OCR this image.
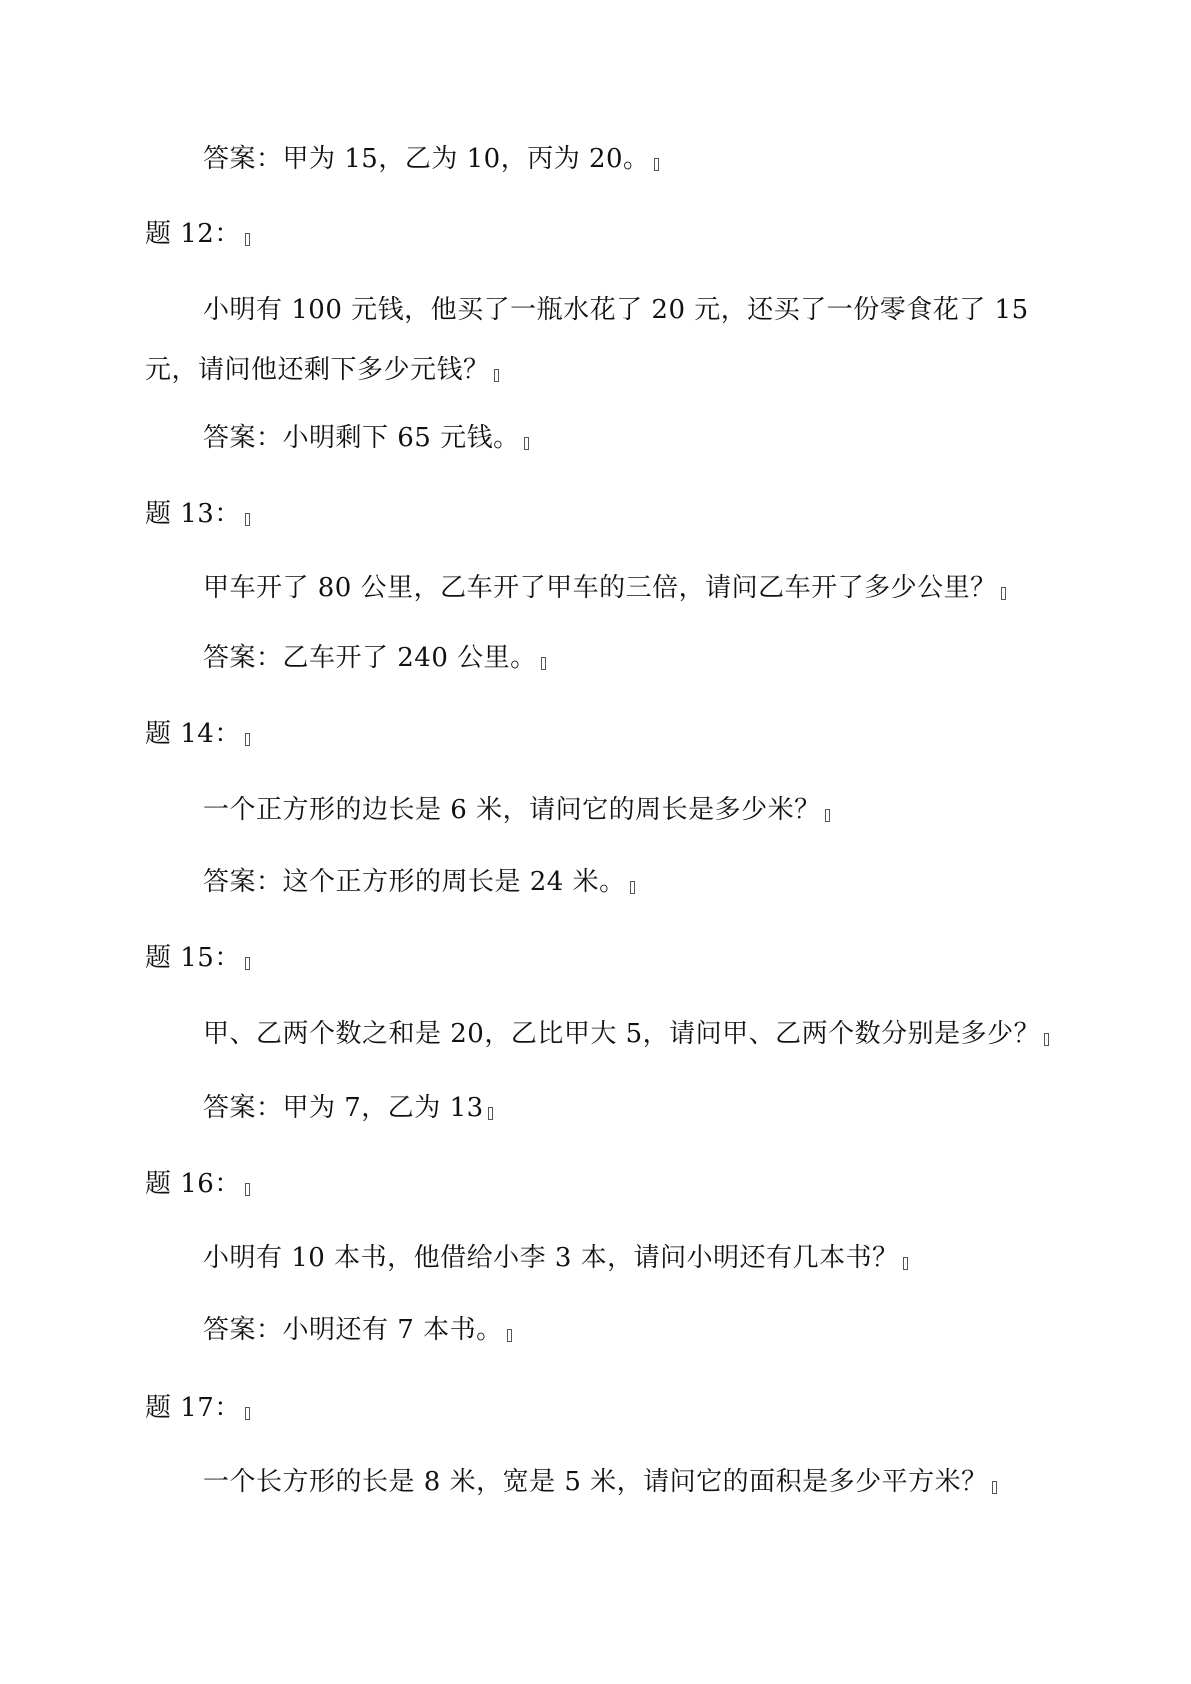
答案：甲为 15，乙为 10，丙为 20。
题 12：
小明有 100 元钱，他买了一瓶水花了 20 元，还买了一份零食花了 15
元，请问他还剩下多少元钱？
答案：小明剩下 65 元钱。
题 13：
甲车开了 80 公里，乙车开了甲车的三倍，请问乙车开了多少公里？
答案：乙车开了 240 公里。
题 14：
一个正方形的边长是 6 米，请问它的周长是多少米？
答案：这个正方形的周长是 24 米。
题 15：
甲、乙两个数之和是 20，乙比甲大 5，请问甲、乙两个数分别是多少？
答案：甲为 7，乙为 13
题 16：
小明有 10 本书，他借给小李 3 本，请问小明还有几本书？
答案：小明还有 7 本书。
题 17：
一个长方形的长是 8 米，宽是 5 米，请问它的面积是多少平方米？
